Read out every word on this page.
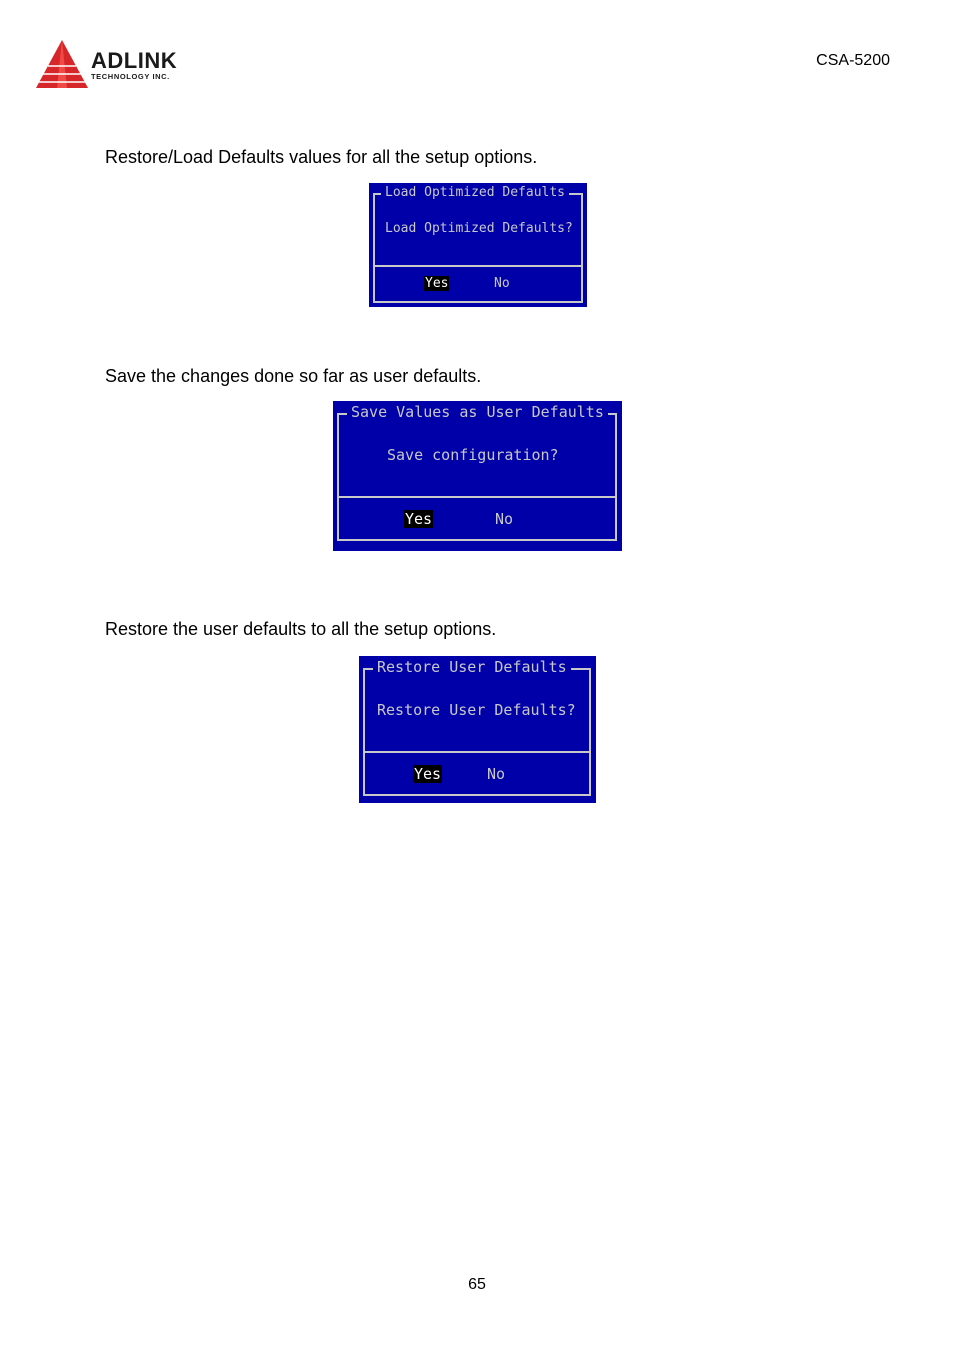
ADLINK
TECHNOLOGY INC.
CSA-5200
Restore/Load Defaults values for all the setup options.
Load Optimized Defaults
Load Optimized Defaults?
Yes	No
Save the changes done so far as user defaults.
Save Values as User Defaults
Save configuration?
Yes	No
Restore the user defaults to all the setup options.
Restore User Defaults
Restore User Defaults?
Yes	No
65
